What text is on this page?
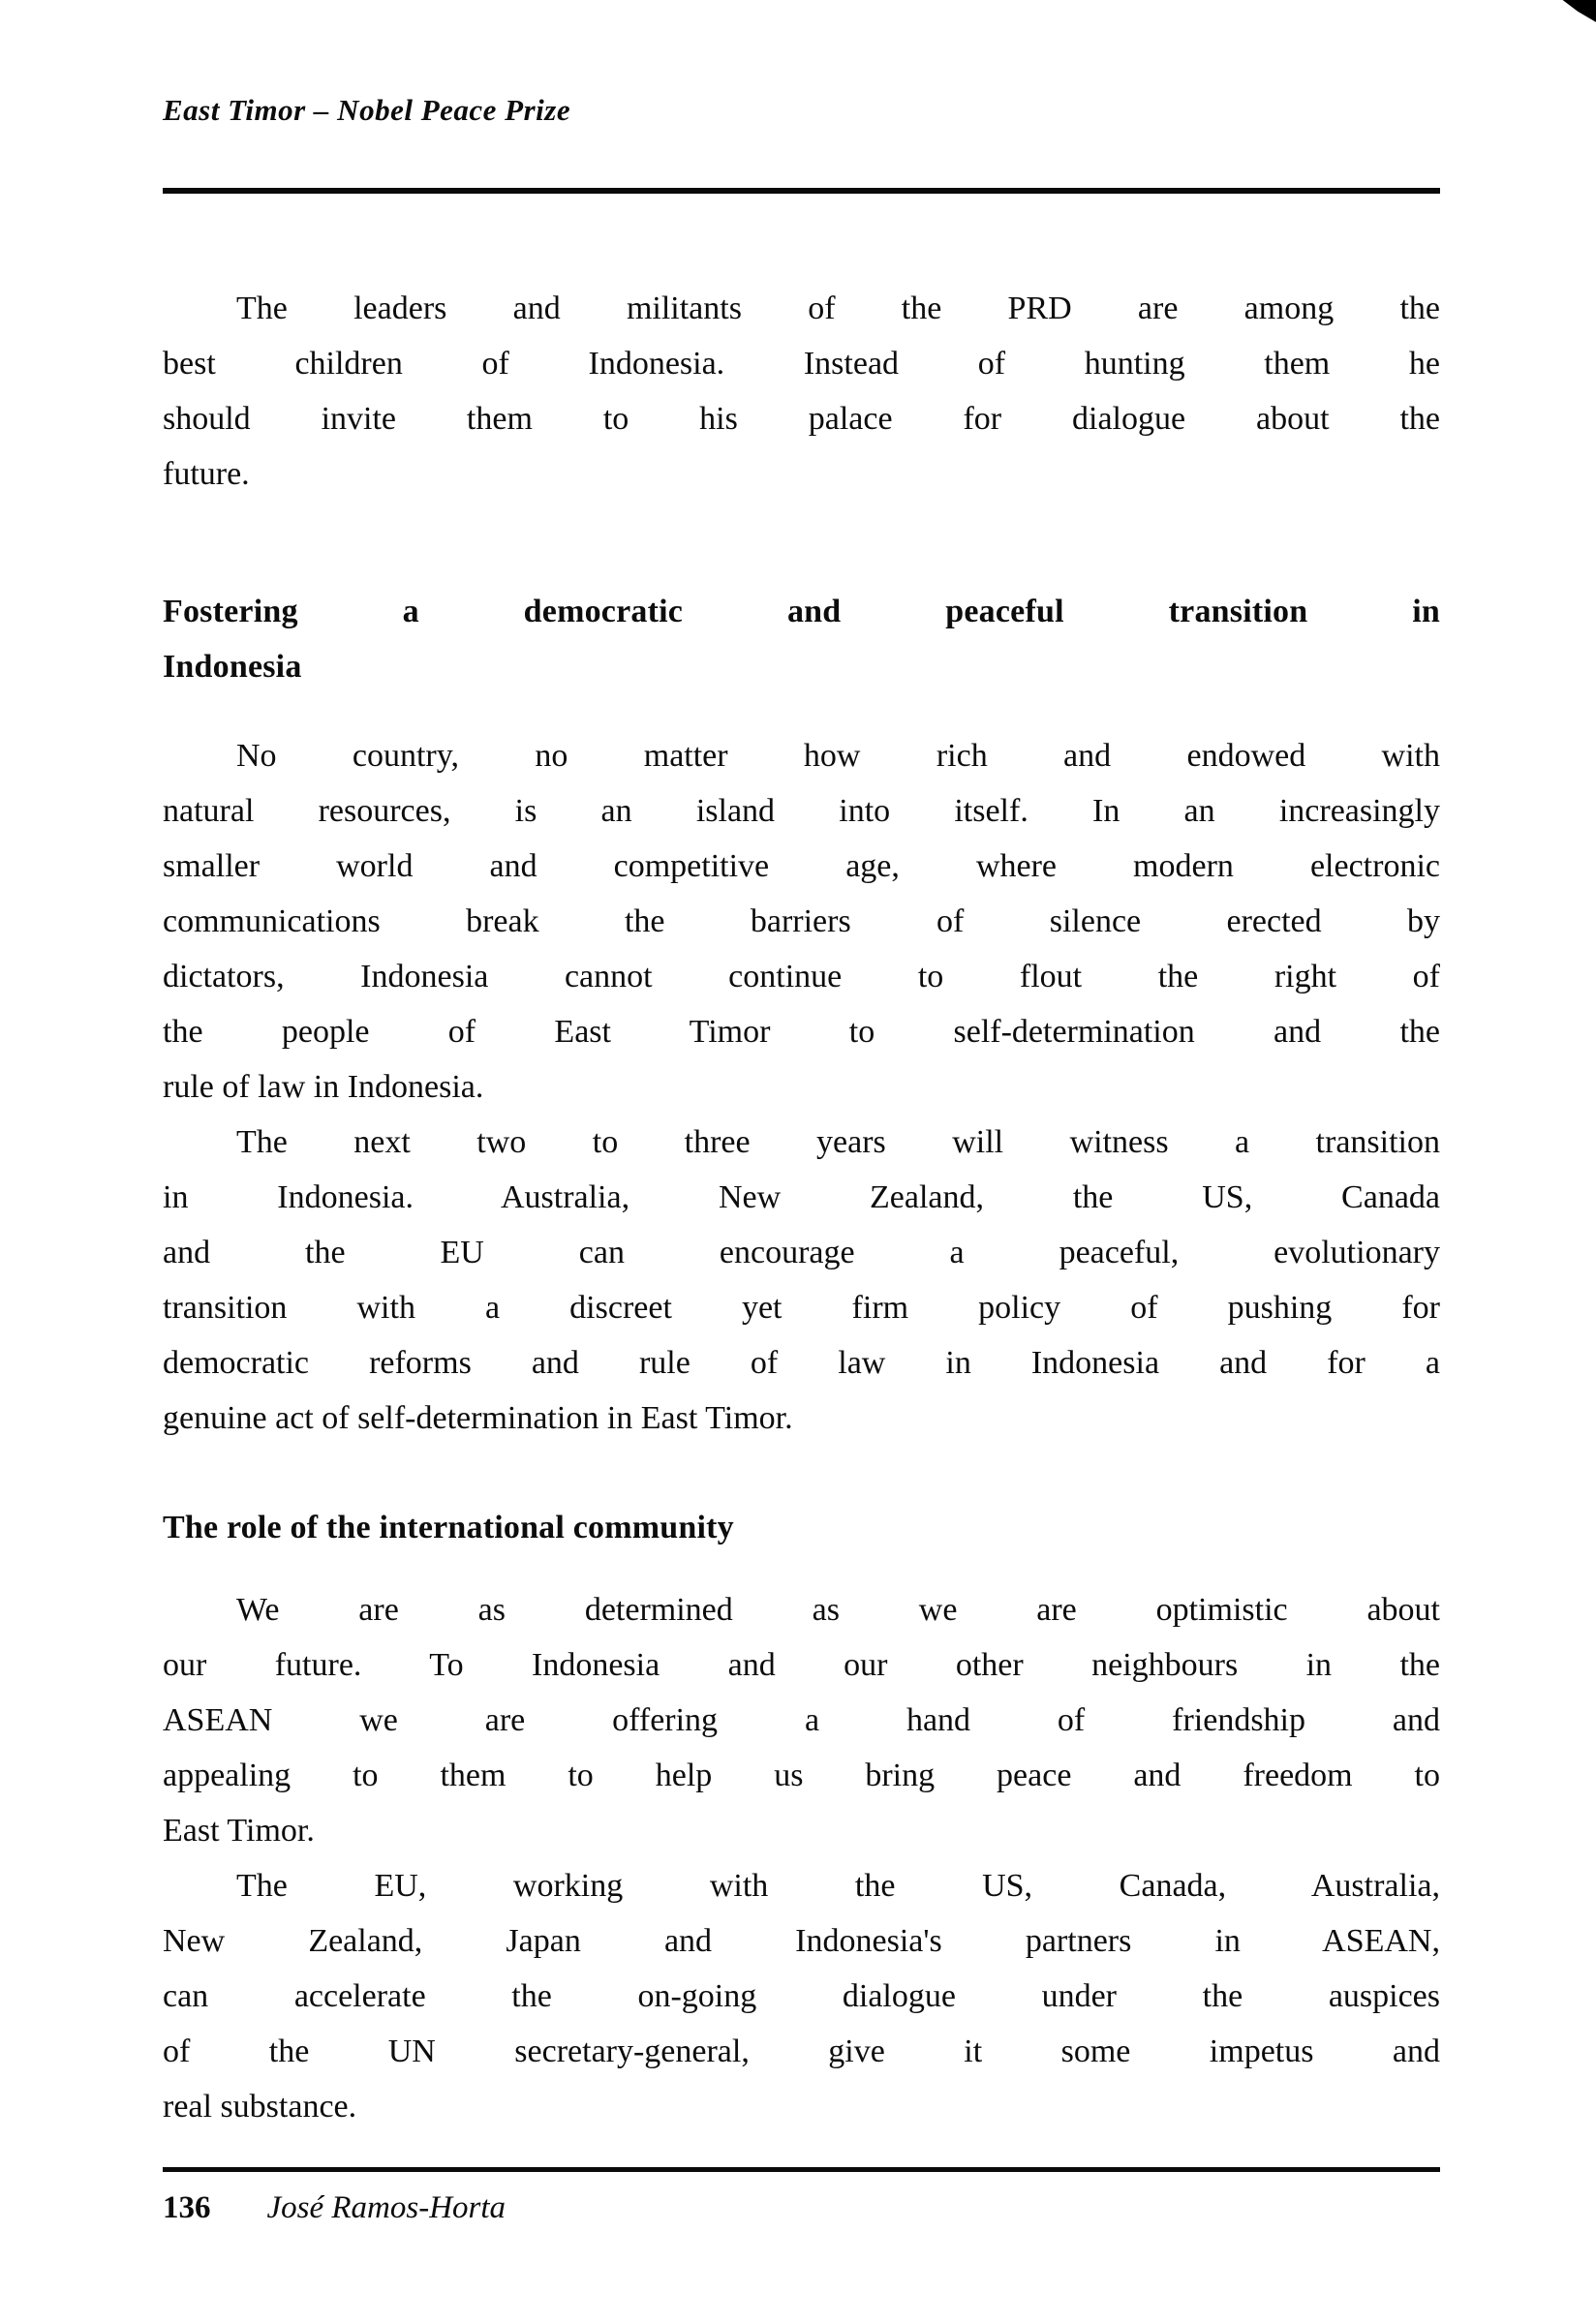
East Timor – Nobel Peace Prize
The leaders and militants of the PRD are among the
best children of Indonesia. Instead of hunting them he
should invite them to his palace for dialogue about the
future.
Fostering a democratic and peaceful transition in
Indonesia
No country, no matter how rich and endowed with
natural resources, is an island into itself. In an increasingly
smaller world and competitive age, where modern electronic
communications break the barriers of silence erected by
dictators, Indonesia cannot continue to flout the right of
the people of East Timor to self-determination and the
rule of law in Indonesia.
The next two to three years will witness a transition
in Indonesia. Australia, New Zealand, the US, Canada
and the EU can encourage a peaceful, evolutionary
transition with a discreet yet firm policy of pushing for
democratic reforms and rule of law in Indonesia and for a
genuine act of self-determination in East Timor.
The role of the international community
We are as determined as we are optimistic about
our future. To Indonesia and our other neighbours in the
ASEAN we are offering a hand of friendship and
appealing to them to help us bring peace and freedom to
East Timor.
The EU, working with the US, Canada, Australia,
New Zealand, Japan and Indonesia's partners in ASEAN,
can accelerate the on-going dialogue under the auspices
of the UN secretary-general, give it some impetus and
real substance.
136 José Ramos-Horta
